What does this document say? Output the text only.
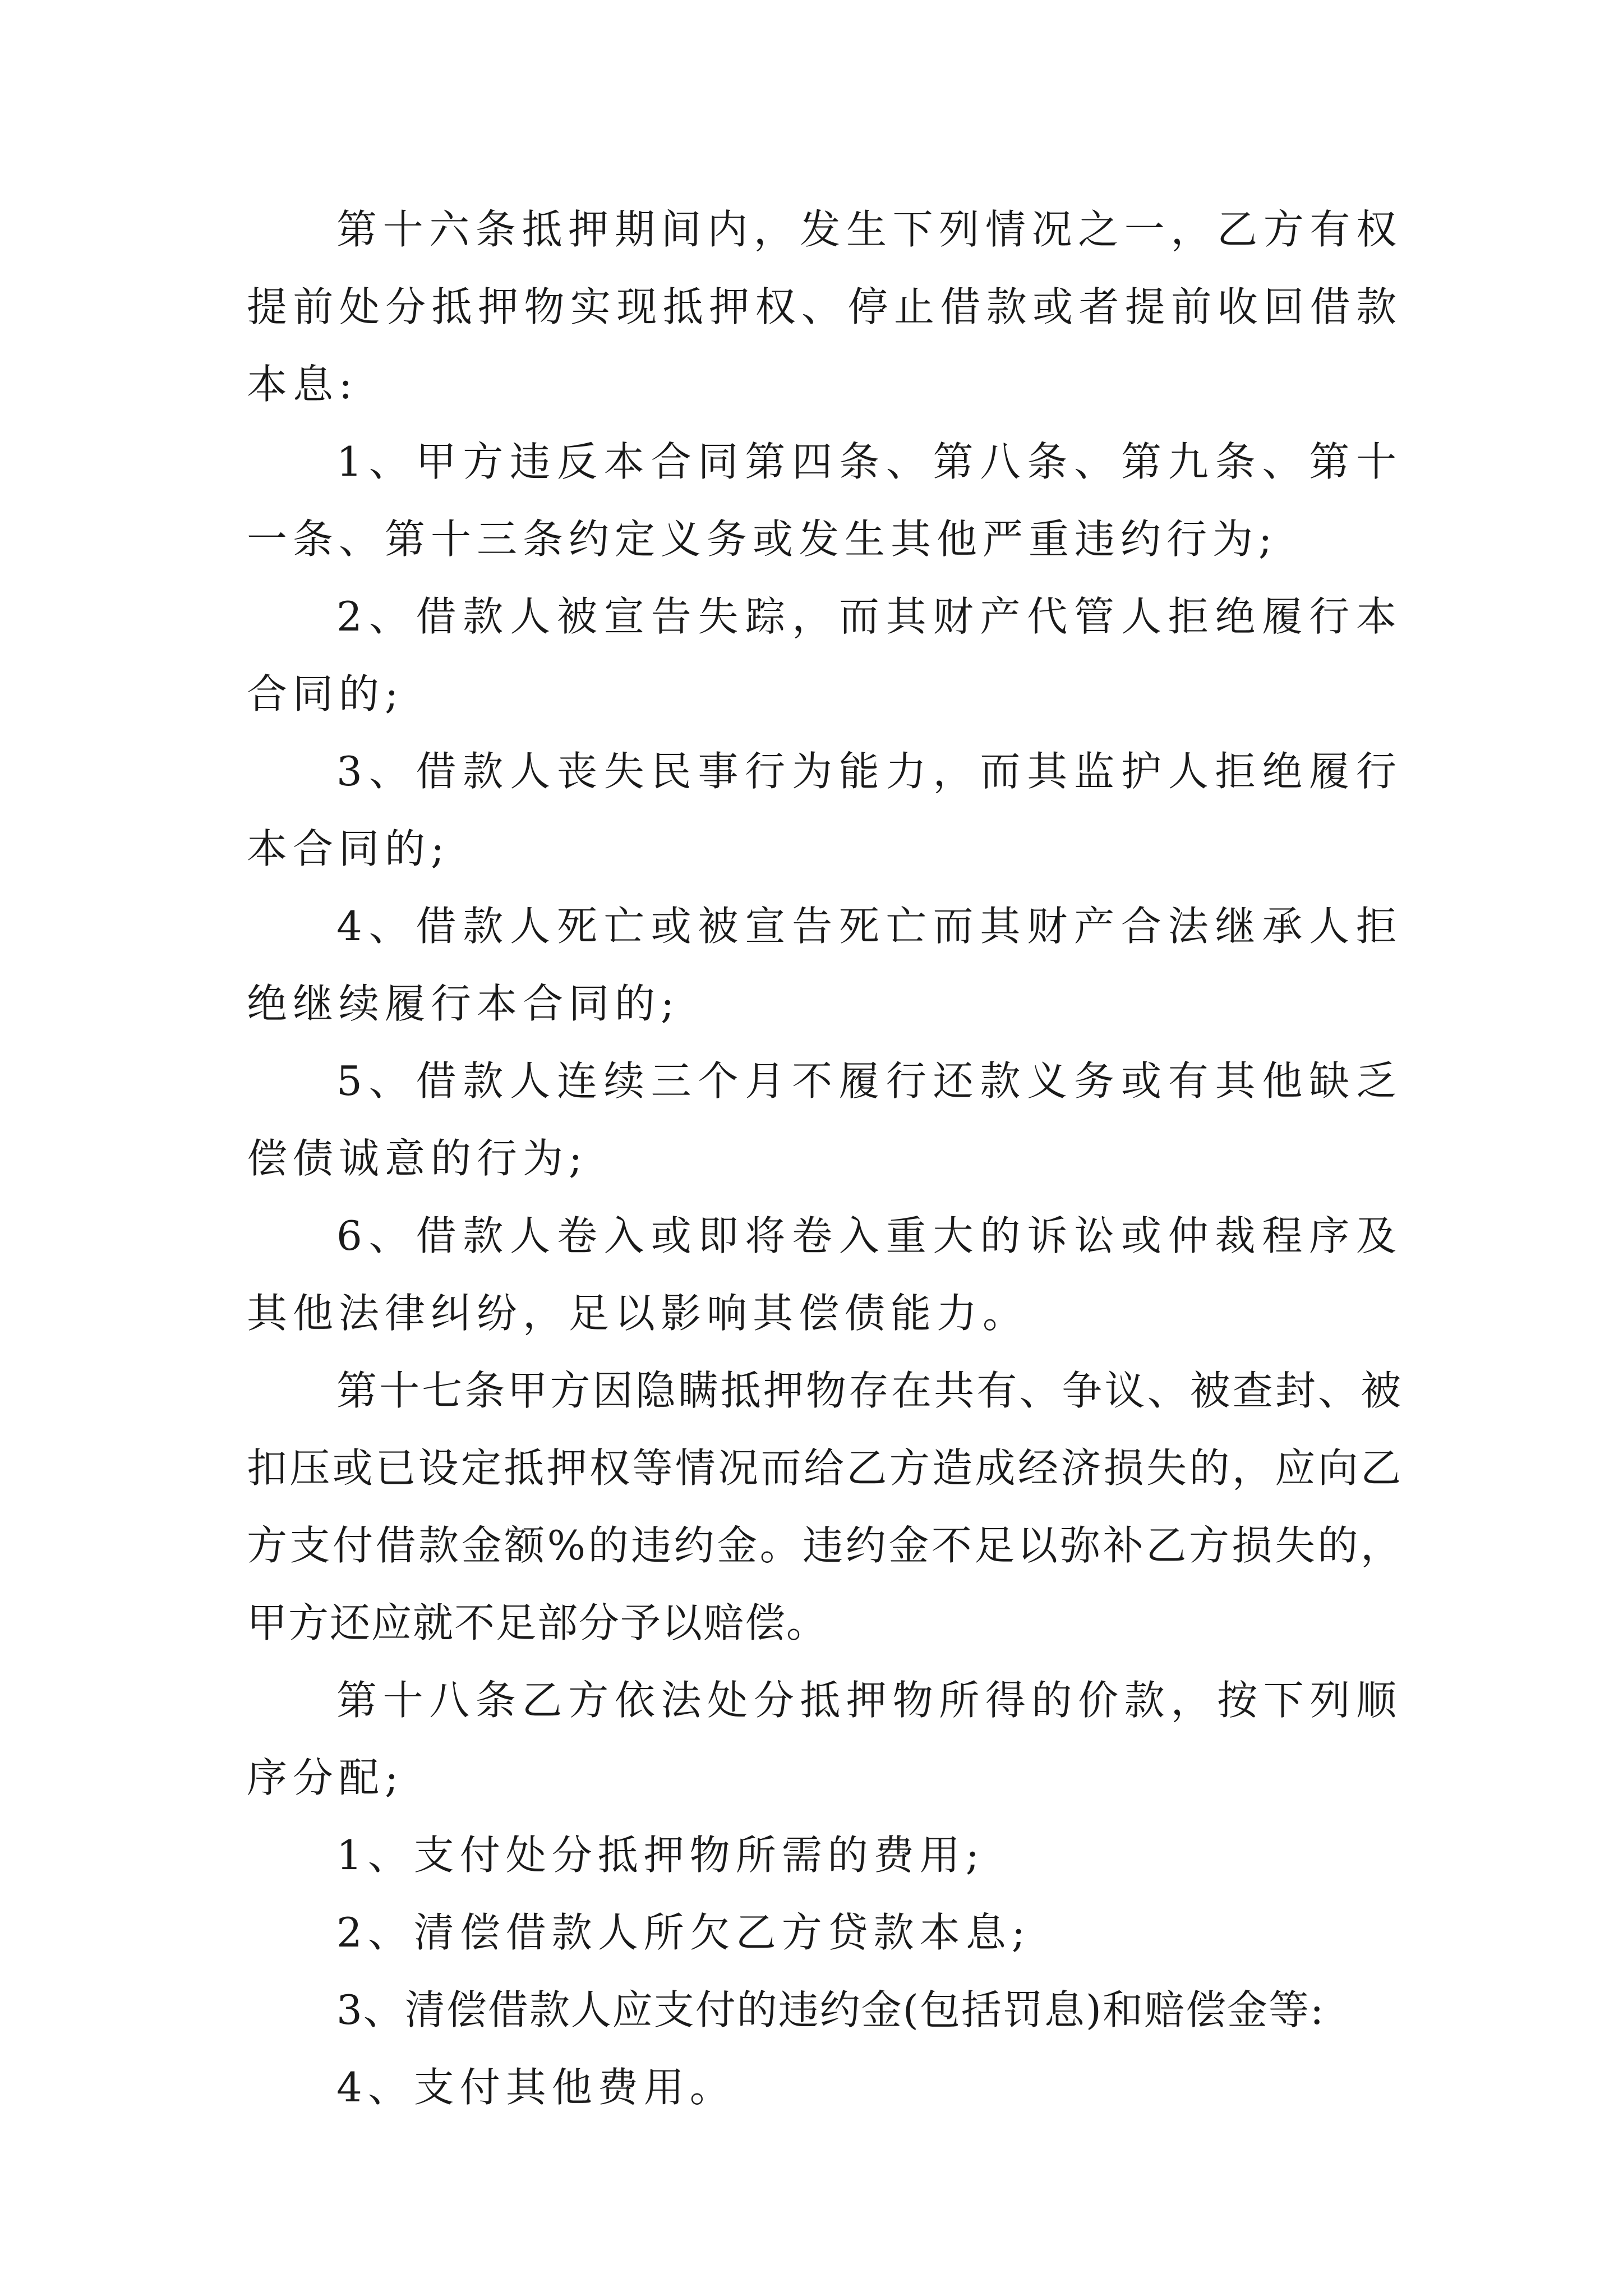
第十六条抵押期间内，发生下列情况之一，乙方有权提前处分抵押物实现抵押权、停止借款或者提前收回借款本息:

1、甲方违反本合同第四条、第八条、第九条、第十一条、第十三条约定义务或发生其他严重违约行为;

2、借款人被宣告失踪，而其财产代管人拒绝履行本合同的;

3、借款人丧失民事行为能力，而其监护人拒绝履行本合同的;

4、借款人死亡或被宣告死亡而其财产合法继承人拒绝继续履行本合同的;

5、借款人连续三个月不履行还款义务或有其他缺乏偿债诚意的行为;

6、借款人卷入或即将卷入重大的诉讼或仲裁程序及其他法律纠纷，足以影响其偿债能力。

第十七条甲方因隐瞒抵押物存在共有、争议、被查封、被扣压或已设定抵押权等情况而给乙方造成经济损失的，应向乙方支付借款金额%的违约金。违约金不足以弥补乙方损失的，甲方还应就不足部分予以赔偿。

第十八条乙方依法处分抵押物所得的价款，按下列顺序分配;

1、支付处分抵押物所需的费用;

2、清偿借款人所欠乙方贷款本息;

3、清偿借款人应支付的违约金(包括罚息)和赔偿金等:

4、支付其他费用。
